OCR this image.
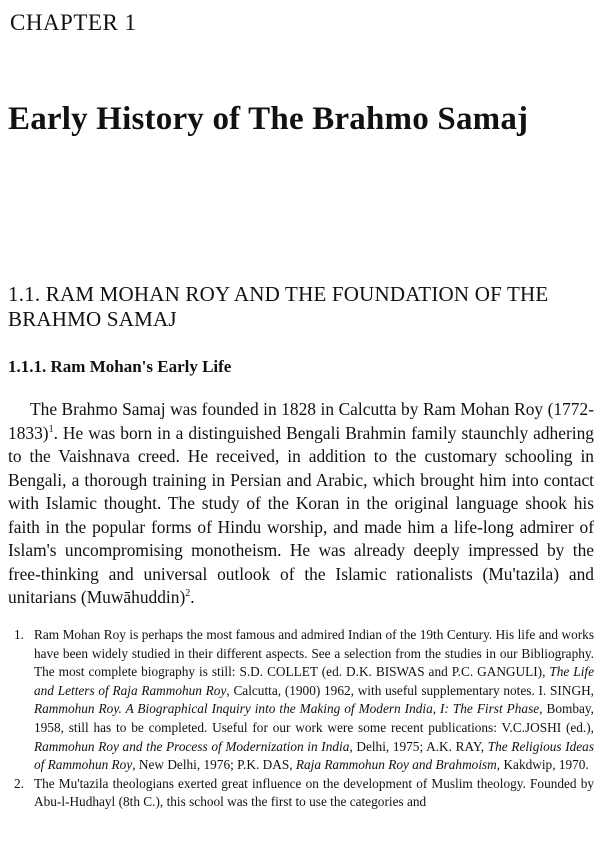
CHAPTER 1
Early History of The Brahmo Samaj
1.1. RAM MOHAN ROY AND THE FOUNDATION OF THE BRAHMO SAMAJ
1.1.1. Ram Mohan's Early Life

The Brahmo Samaj was founded in 1828 in Calcutta by Ram Mohan Roy (1772-1833)$^1$. He was born in a distinguished Bengali Brahmin family staunchly adhering to the Vaishnava creed. He received, in addition to the customary schooling in Bengali, a thorough training in Persian and Arabic, which brought him into contact with Islamic thought. The study of the Koran in the original language shook his faith in the popular forms of Hindu worship, and made him a life-long admirer of Islam's uncompromising monotheism. He was already deeply impressed by the free-thinking and universal outlook of the Islamic rationalists (Mu'tazila) and unitarians (Muwāhuddin)$^2$.

1. Ram Mohan Roy is perhaps the most famous and admired Indian of the 19th Century. His life and works have been widely studied in their different aspects. See a selection from the studies in our Bibliography. The most complete biography is still: S.D. COLLET (ed. D.K. BISWAS and P.C. GANGULI), The Life and Letters of Raja Rammohun Roy, Calcutta, (1900) 1962, with useful supplementary notes. I. SINGH, Rammohun Roy. A Biographical Inquiry into the Making of Modern India, I: The First Phase, Bombay, 1958, still has to be completed. Useful for our work were some recent publications: V.C.JOSHI (ed.), Rammohun Roy and the Process of Modernization in India, Delhi, 1975; A.K. RAY, The Religious Ideas of Rammohun Roy, New Delhi, 1976; P.K. DAS, Raja Rammohun Roy and Brahmoism, Kakdwip, 1970.
2. The Mu'tazila theologians exerted great influence on the development of Muslim theology. Founded by Abu-l-Hudhayl (8th C.), this school was the first to use the categories and
